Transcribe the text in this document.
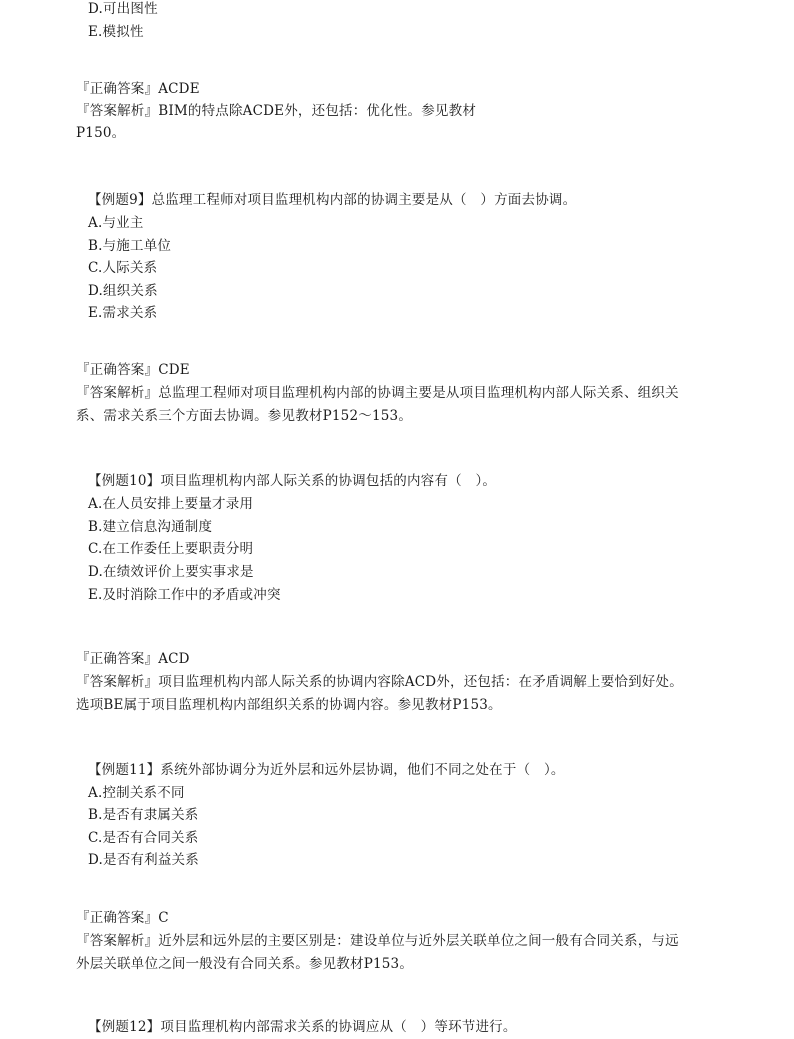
D.可出图性

E.模拟性

『正确答案』ACDE

『答案解析』BIM的特点除ACDE外，还包括：优化性。参见教材

P150。

【例题9】总监理工程师对项目监理机构内部的协调主要是从（　）方面去协调。

A.与业主

B.与施工单位

C.人际关系

D.组织关系

E.需求关系

『正确答案』CDE

『答案解析』总监理工程师对项目监理机构内部的协调主要是从项目监理机构内部人际关系、组织关

系、需求关系三个方面去协调。参见教材P152～153。

【例题10】项目监理机构内部人际关系的协调包括的内容有（　）。

A.在人员安排上要量才录用

B.建立信息沟通制度

C.在工作委任上要职责分明

D.在绩效评价上要实事求是

E.及时消除工作中的矛盾或冲突

『正确答案』ACD

『答案解析』项目监理机构内部人际关系的协调内容除ACD外，还包括：在矛盾调解上要恰到好处。

选项BE属于项目监理机构内部组织关系的协调内容。参见教材P153。

【例题11】系统外部协调分为近外层和远外层协调，他们不同之处在于（　）。

A.控制关系不同

B.是否有隶属关系

C.是否有合同关系

D.是否有利益关系

『正确答案』C

『答案解析』近外层和远外层的主要区别是：建设单位与近外层关联单位之间一般有合同关系，与远

外层关联单位之间一般没有合同关系。参见教材P153。

【例题12】项目监理机构内部需求关系的协调应从（　）等环节进行。
